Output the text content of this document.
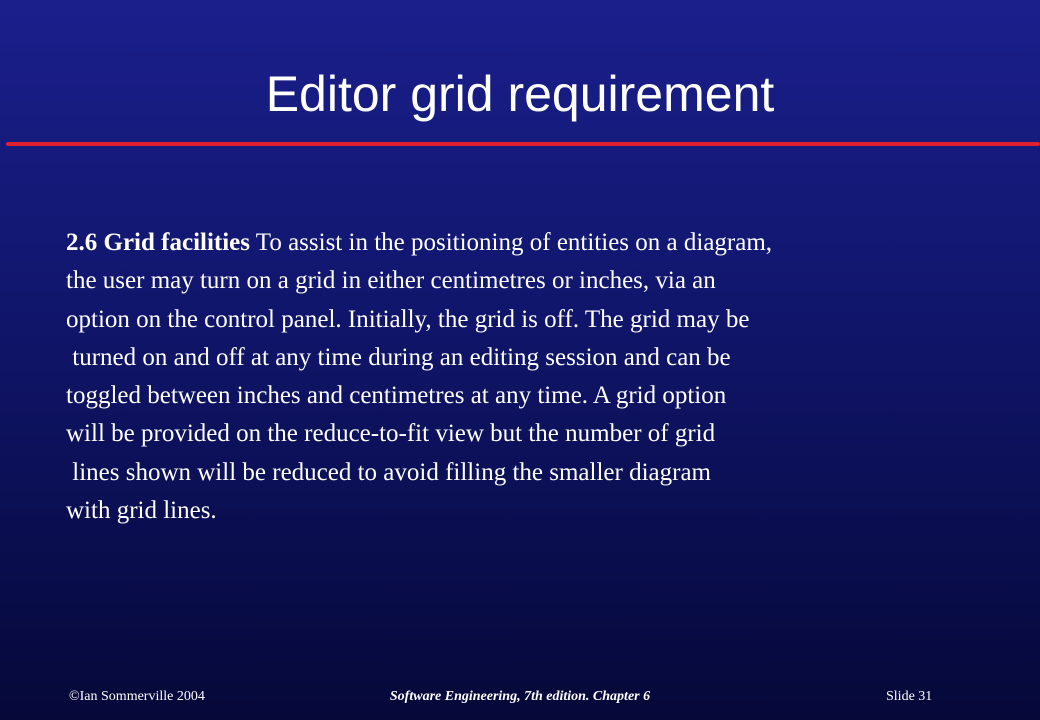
Editor grid requirement
2.6 Grid facilities To assist in the positioning of entities on a diagram,
the user may turn on a grid in either centimetres or inches, via an
option on the control panel. Initially, the grid is off. The grid may be
turned on and off at any time during an editing session and can be
toggled between inches and centimetres at any time. A grid option
will be provided on the reduce-to-fit view but the number of grid
lines shown will be reduced to avoid filling the smaller diagram
with grid lines.
©Ian Sommerville 2004	Software Engineering, 7th edition. Chapter 6	Slide 31
